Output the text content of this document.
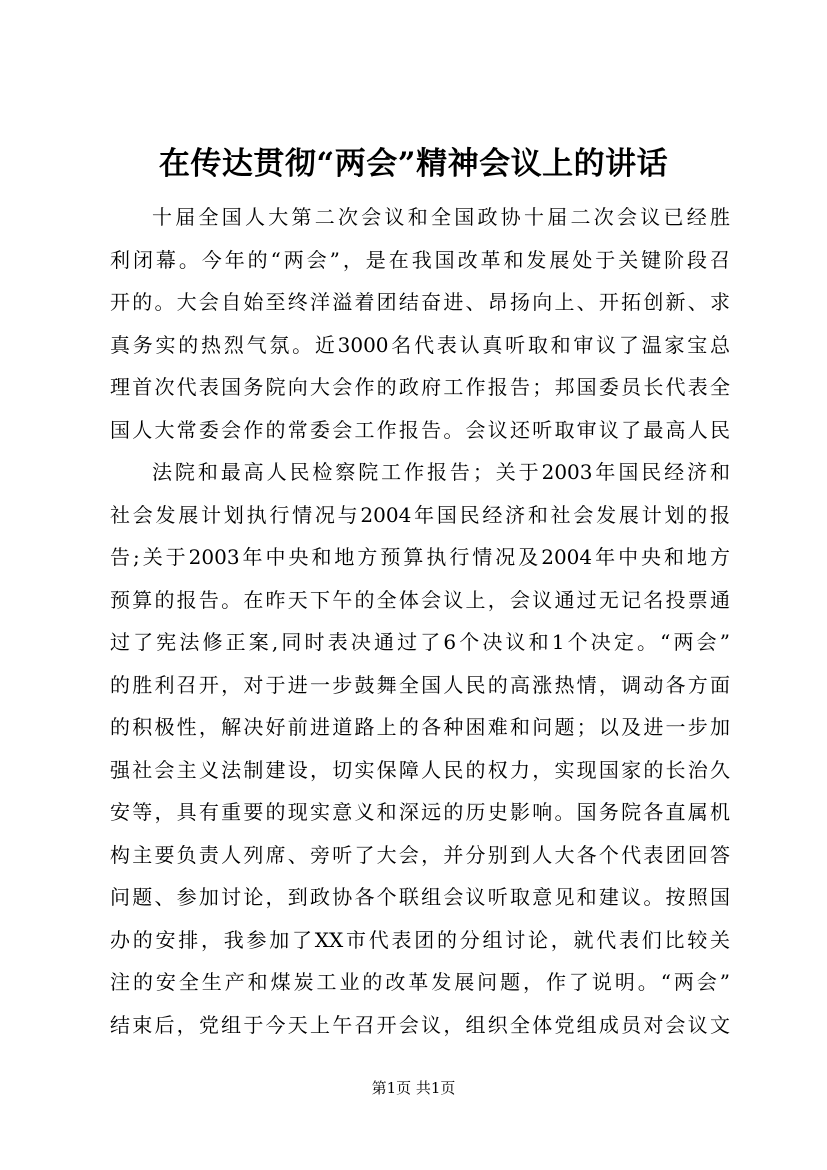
在传达贯彻“两会”精神会议上的讲话
十届全国人大第二次会议和全国政协十届二次会议已经胜
利闭幕。今年的“两会”，是在我国改革和发展处于关键阶段召
开的。大会自始至终洋溢着团结奋进、昂扬向上、开拓创新、求
真务实的热烈气氛。近3000名代表认真听取和审议了温家宝总
理首次代表国务院向大会作的政府工作报告；邦国委员长代表全
国人大常委会作的常委会工作报告。会议还听取审议了最高人民
法院和最高人民检察院工作报告；关于2003年国民经济和
社会发展计划执行情况与2004年国民经济和社会发展计划的报
告;关于2003年中央和地方预算执行情况及2004年中央和地方
预算的报告。在昨天下午的全体会议上，会议通过无记名投票通
过了宪法修正案,同时表决通过了6个决议和1个决定。“两会”
的胜利召开，对于进一步鼓舞全国人民的高涨热情，调动各方面
的积极性，解决好前进道路上的各种困难和问题；以及进一步加
强社会主义法制建设，切实保障人民的权力，实现国家的长治久
安等，具有重要的现实意义和深远的历史影响。国务院各直属机
构主要负责人列席、旁听了大会，并分别到人大各个代表团回答
问题、参加讨论，到政协各个联组会议听取意见和建议。按照国
办的安排，我参加了XX市代表团的分组讨论，就代表们比较关
注的安全生产和煤炭工业的改革发展问题，作了说明。“两会”
结束后，党组于今天上午召开会议，组织全体党组成员对会议文
第1页 共1页
